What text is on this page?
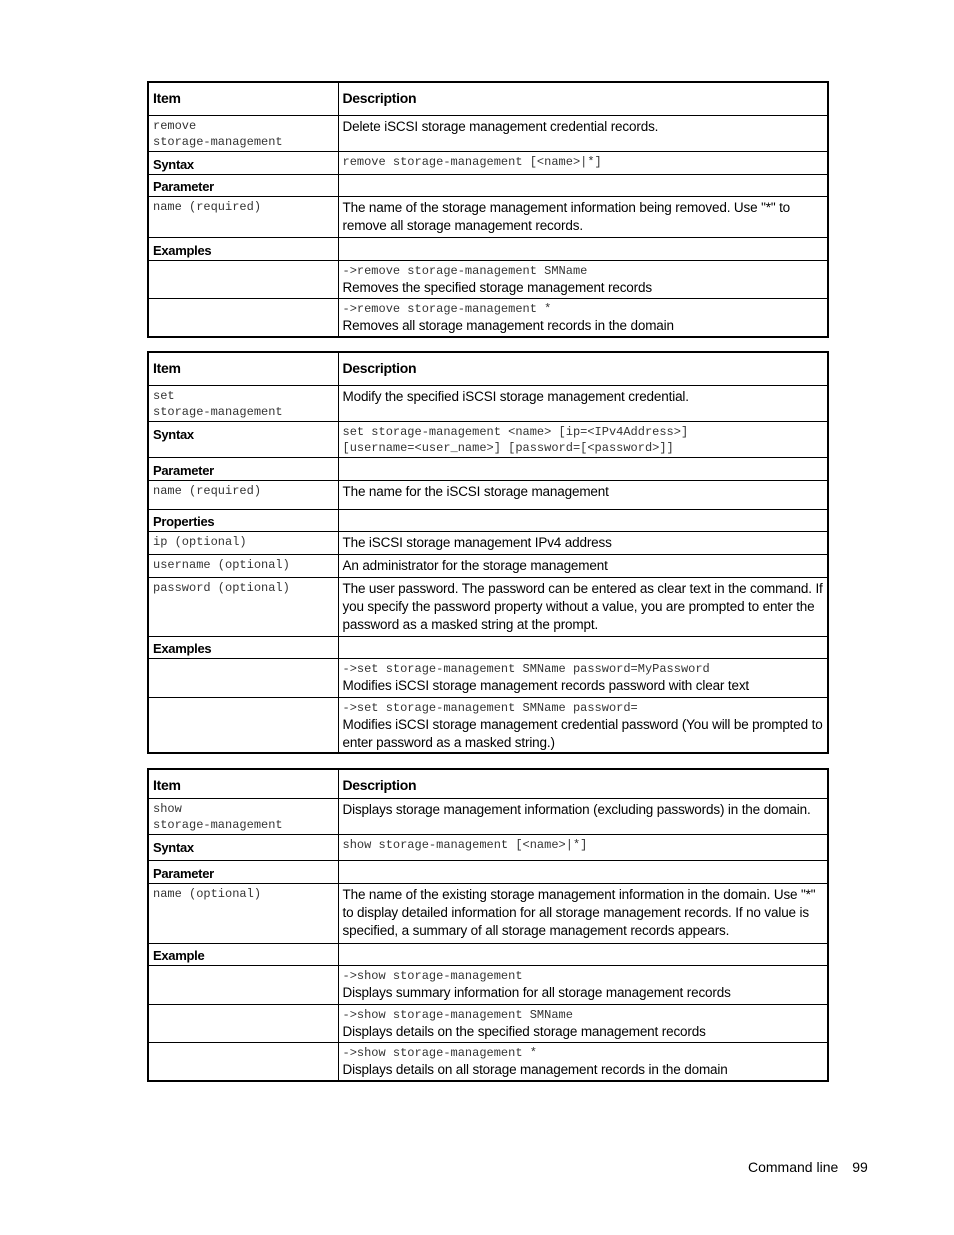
Item	Description

remove
storage-management	Delete iSCSI storage management credential records.

Syntax	remove storage-management [<name>|*]

Parameter	

name (required)	The name of the storage management information being removed. Use "*" to remove all storage management records.

Examples	

	->remove storage-management SMName
Removes the specified storage management records

	->remove storage-management *
Removes all storage management records in the domain
Item	Description

set
storage-management	Modify the specified iSCSI storage management credential.

Syntax	set storage-management <name> [ip=<IPv4Address>]
[username=<user_name>] [password=[<password>]]

Parameter	

name (required)	The name for the iSCSI storage management

Properties	

ip (optional)	The iSCSI storage management IPv4 address

username (optional)	An administrator for the storage management

password (optional)	The user password. The password can be entered as clear text in the command. If you specify the password property without a value, you are prompted to enter the password as a masked string at the prompt.

Examples	

	->set storage-management SMName password=MyPassword
Modifies iSCSI storage management records password with clear text

	->set storage-management SMName password=
Modifies iSCSI storage management credential password (You will be prompted to enter password as a masked string.)
Item	Description

show
storage-management	Displays storage management information (excluding passwords) in the domain.

Syntax	show storage-management [<name>|*]

Parameter	

name (optional)	The name of the existing storage management information in the domain. Use "*" to display detailed information for all storage management records. If no value is specified, a summary of all storage management records appears.

Example	

	->show storage-management
Displays summary information for all storage management records

	->show storage-management SMName
Displays details on the specified storage management records

	->show storage-management *
Displays details on all storage management records in the domain
Command line 99
